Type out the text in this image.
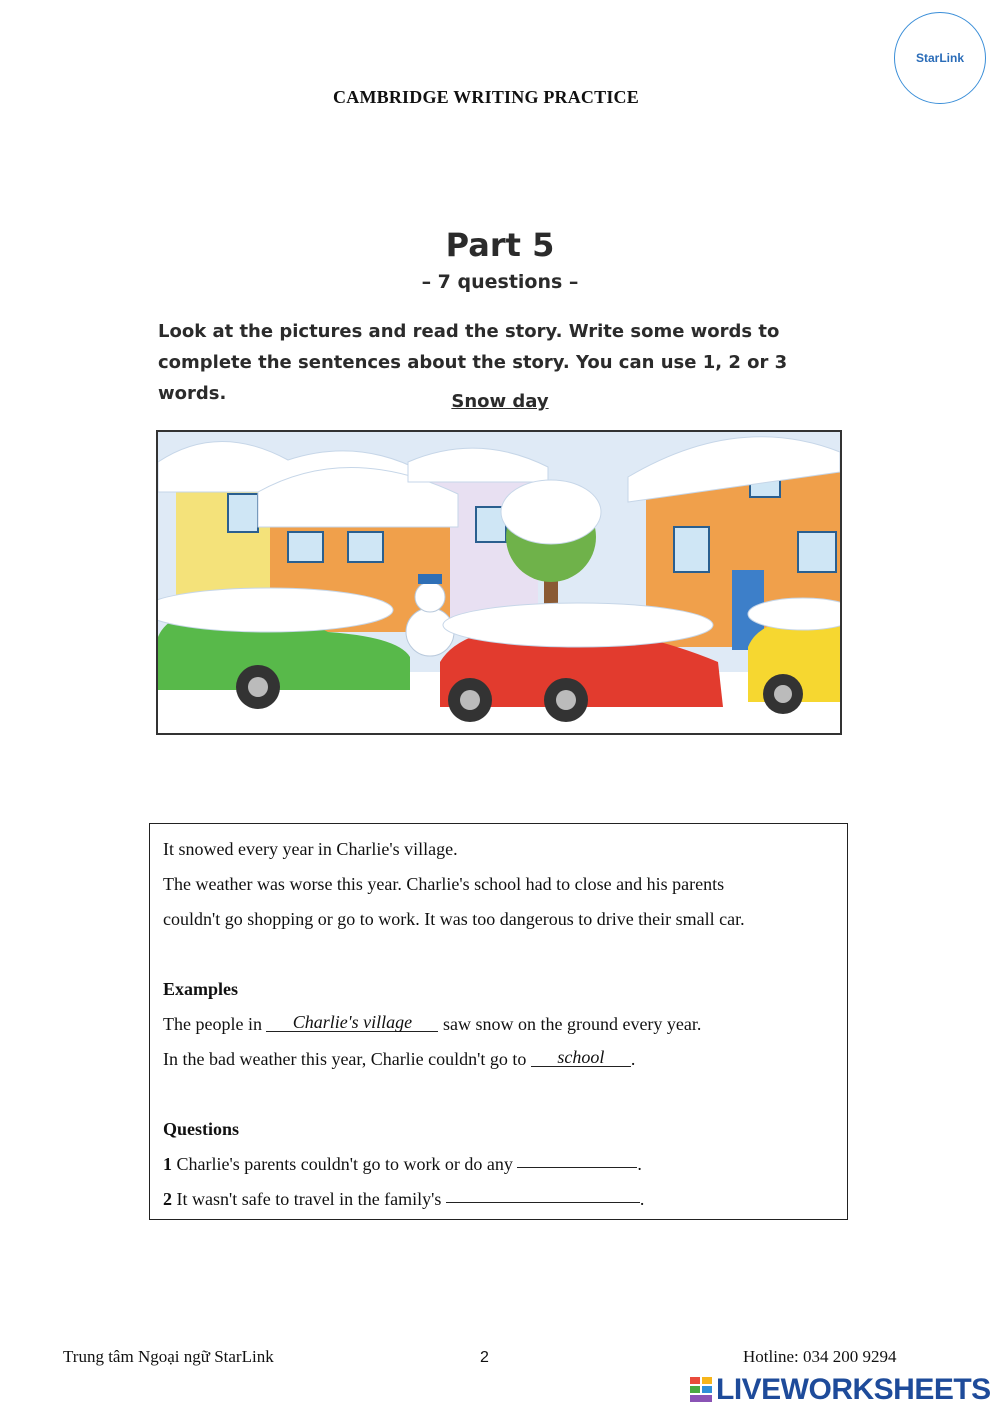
StarLink
CAMBRIDGE WRITING PRACTICE
Part 5
– 7 questions –
Look at the pictures and read the story. Write some words to complete the sentences about the story. You can use 1, 2 or 3 words.	Snow day
It snowed every year in Charlie's village.
The weather was worse this year. Charlie's school had to close and his parents
couldn't go shopping or go to work. It was too dangerous to drive their small car.
Examples
The people in Charlie's village saw snow on the ground every year.
In the bad weather this year, Charlie couldn't go to school .
Questions
1 Charlie's parents couldn't go to work or do any	.
2 It wasn't safe to travel in the family's	.
Trung tâm Ngoại ngữ StarLink	2	Hotline: 034 200 9294
LIVEWORKSHEETS
